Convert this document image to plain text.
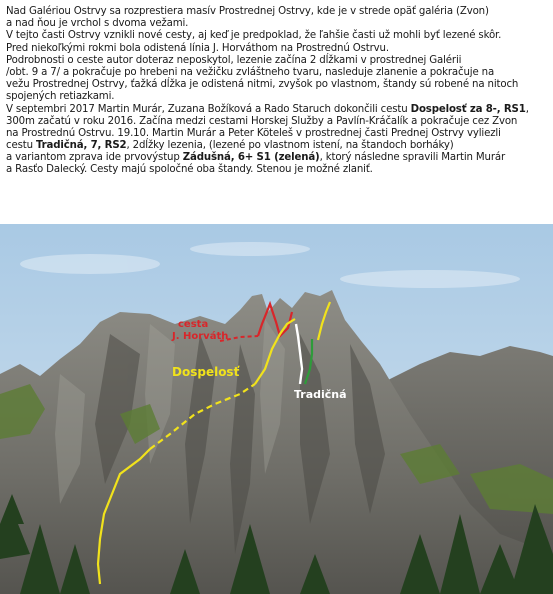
Nad Galériou Ostrvy sa rozprestiera masív Prostrednej Ostrvy, kde je v strede opäť galéria (Zvon)
a nad ňou je vrchol s dvoma vežami.
V tejto časti Ostrvy vznikli nové cesty, aj keď je predpoklad, že ľahšie časti už mohli byť lezené skôr.
Pred niekoľkými rokmi bola odistená línia J. Horváthom na Prostrednú Ostrvu.
Podrobnosti o ceste autor doteraz neposkytol, lezenie začína 2 dĺžkami v prostrednej Galérii
/obt. 9 a 7/ a pokračuje po hrebeni na vežičku zvláštneho tvaru, nasleduje zlanenie a pokračuje na
vežu Prostrednej Ostrvy, ťažká dĺžka je odistená nitmi, zvyšok po vlastnom, štandy sú robené na nitoch
spojených retiazkami.
V septembri 2017 Martin Murár, Zuzana Božíková a Rado Staruch dokončili cestu Dospelosť za 8-, RS1,
300m začatú v roku 2016. Začína medzi cestami Horskej Služby a Pavlín-Kráčalík a pokračuje cez Zvon
na Prostrednú Ostrvu. 19.10. Martin Murár a Peter Köteleš v prostrednej časti Prednej Ostrvy vyliezli
cestu Tradičná, 7, RS2, 2dĺžky lezenia, (lezené po vlastnom istení, na štandoch borháky)
a variantom zprava ide prvovýstup Zádušná, 6+ S1 (zelená), ktorý následne spravili Martin Murár
a Rasťo Dalecký. Cesty majú spoločné oba štandy. Stenou je možné zlaniť.
cesta J. Horváth
Dospelosť
Tradičná
